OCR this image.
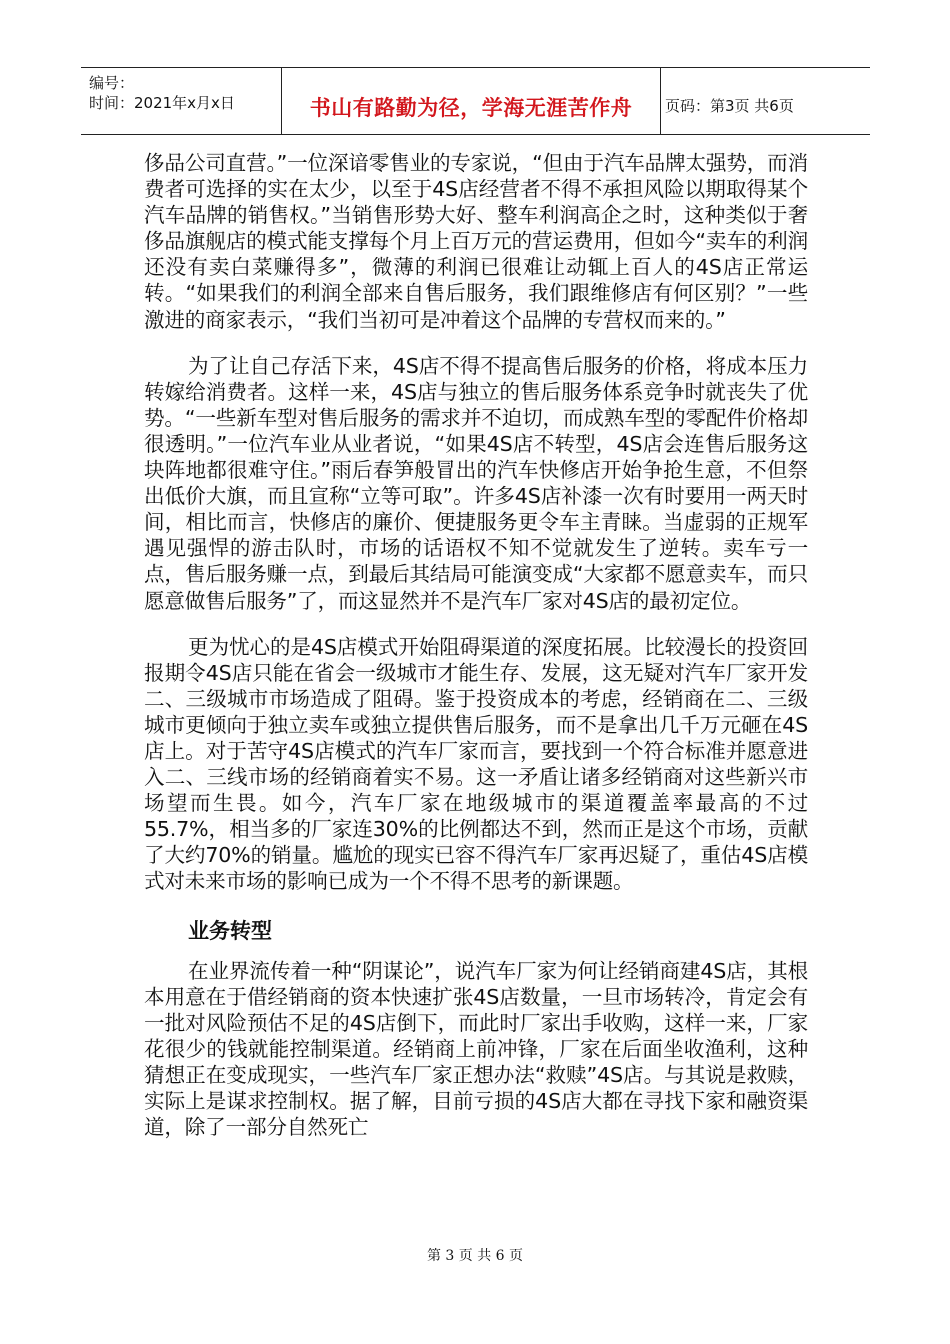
编号：
时间：2021年x月x日	书山有路勤为径，学海无涯苦作舟	页码：第3页 共6页

侈品公司直营。”一位深谙零售业的专家说，“但由于汽车品牌太强势，而消费者可选择的实在太少，以至于4S店经营者不得不承担风险以期取得某个汽车品牌的销售权。”当销售形势大好、整车利润高企之时，这种类似于奢侈品旗舰店的模式能支撑每个月上百万元的营运费用，但如今“卖车的利润还没有卖白菜赚得多”，微薄的利润已很难让动辄上百人的4S店正常运转。“如果我们的利润全部来自售后服务，我们跟维修店有何区别？”一些激进的商家表示，“我们当初可是冲着这个品牌的专营权而来的。”

为了让自己存活下来，4S店不得不提高售后服务的价格，将成本压力转嫁给消费者。这样一来，4S店与独立的售后服务体系竞争时就丧失了优势。“一些新车型对售后服务的需求并不迫切，而成熟车型的零配件价格却很透明。”一位汽车业从业者说，“如果4S店不转型，4S店会连售后服务这块阵地都很难守住。”雨后春笋般冒出的汽车快修店开始争抢生意，不但祭出低价大旗，而且宣称“立等可取”。许多4S店补漆一次有时要用一两天时间，相比而言，快修店的廉价、便捷服务更令车主青睐。当虚弱的正规军遇见强悍的游击队时，市场的话语权不知不觉就发生了逆转。卖车亏一点，售后服务赚一点，到最后其结局可能演变成“大家都不愿意卖车，而只愿意做售后服务”了，而这显然并不是汽车厂家对4S店的最初定位。

更为忧心的是4S店模式开始阻碍渠道的深度拓展。比较漫长的投资回报期令4S店只能在省会一级城市才能生存、发展，这无疑对汽车厂家开发二、三级城市市场造成了阻碍。鉴于投资成本的考虑，经销商在二、三级城市更倾向于独立卖车或独立提供售后服务，而不是拿出几千万元砸在4S店上。对于苦守4S店模式的汽车厂家而言，要找到一个符合标准并愿意进入二、三线市场的经销商着实不易。这一矛盾让诸多经销商对这些新兴市场望而生畏。如今，汽车厂家在地级城市的渠道覆盖率最高的不过55.7%，相当多的厂家连30%的比例都达不到，然而正是这个市场，贡献了大约70%的销量。尴尬的现实已容不得汽车厂家再迟疑了，重估4S店模式对未来市场的影响已成为一个不得不思考的新课题。

业务转型

在业界流传着一种“阴谋论”，说汽车厂家为何让经销商建4S店，其根本用意在于借经销商的资本快速扩张4S店数量，一旦市场转冷，肯定会有一批对风险预估不足的4S店倒下，而此时厂家出手收购，这样一来，厂家花很少的钱就能控制渠道。经销商上前冲锋，厂家在后面坐收渔利，这种猜想正在变成现实，一些汽车厂家正想办法“救赎”4S店。与其说是救赎，实际上是谋求控制权。据了解，目前亏损的4S店大都在寻找下家和融资渠道，除了一部分自然死亡

第 3 页 共 6 页
